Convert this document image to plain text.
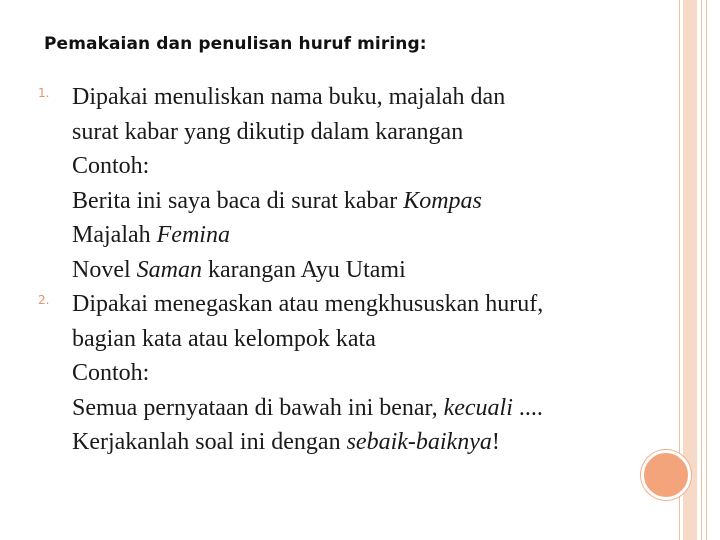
Pemakaian dan penulisan huruf miring:
1. Dipakai menuliskan nama buku, majalah dan
surat kabar yang dikutip dalam karangan
Contoh:
Berita ini saya baca di surat kabar Kompas
Majalah Femina
Novel Saman karangan Ayu Utami
2. Dipakai menegaskan atau mengkhususkan huruf,
bagian kata atau kelompok kata
Contoh:
Semua pernyataan di bawah ini benar, kecuali ....
Kerjakanlah soal ini dengan sebaik-baiknya!
